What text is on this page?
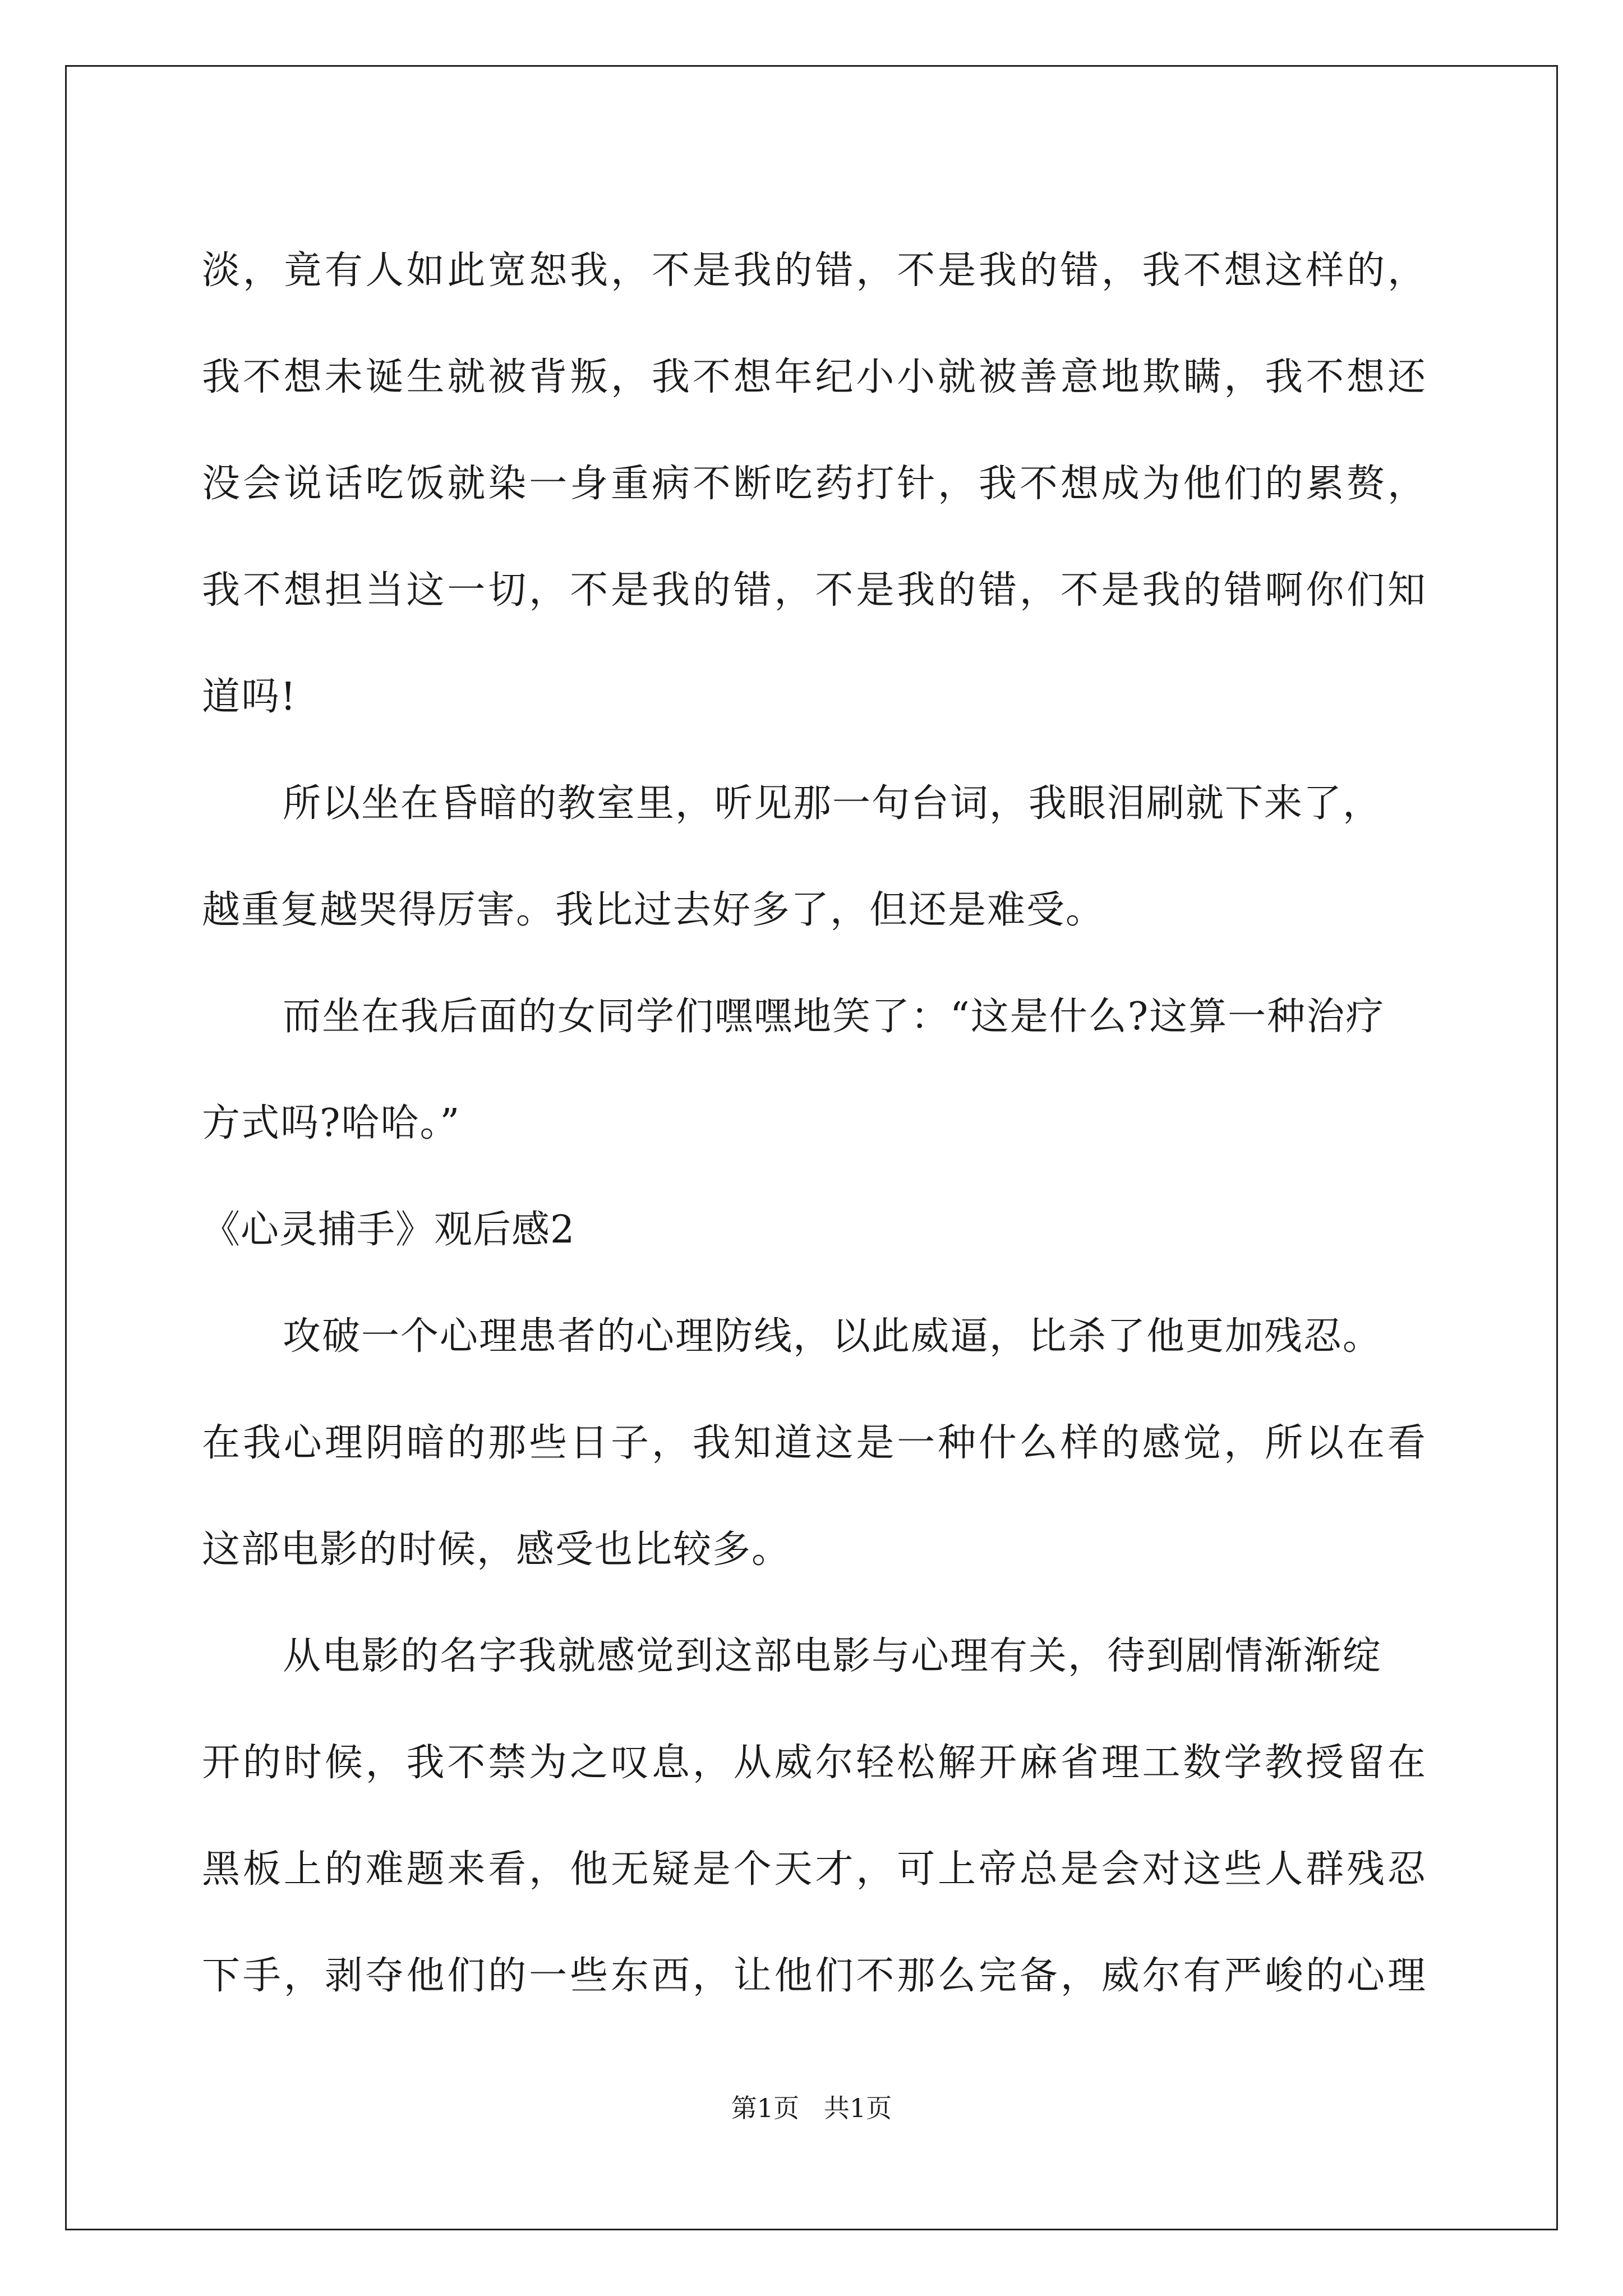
淡，竟有人如此宽恕我，不是我的错，不是我的错，我不想这样的，
我不想未诞生就被背叛，我不想年纪小小就被善意地欺瞒，我不想还
没会说话吃饭就染一身重病不断吃药打针，我不想成为他们的累赘，
我不想担当这一切，不是我的错，不是我的错，不是我的错啊你们知
道吗!
所以坐在昏暗的教室里，听见那一句台词，我眼泪刷就下来了，
越重复越哭得厉害。我比过去好多了，但还是难受。
而坐在我后面的女同学们嘿嘿地笑了：“这是什么?这算一种治疗
方式吗?哈哈。”
《心灵捕手》观后感2
攻破一个心理患者的心理防线，以此威逼，比杀了他更加残忍。
在我心理阴暗的那些日子，我知道这是一种什么样的感觉，所以在看
这部电影的时候，感受也比较多。
从电影的名字我就感觉到这部电影与心理有关，待到剧情渐渐绽
开的时候，我不禁为之叹息，从威尔轻松解开麻省理工数学教授留在
黑板上的难题来看，他无疑是个天才，可上帝总是会对这些人群残忍
下手，剥夺他们的一些东西，让他们不那么完备，威尔有严峻的心理
第1页   共1页
